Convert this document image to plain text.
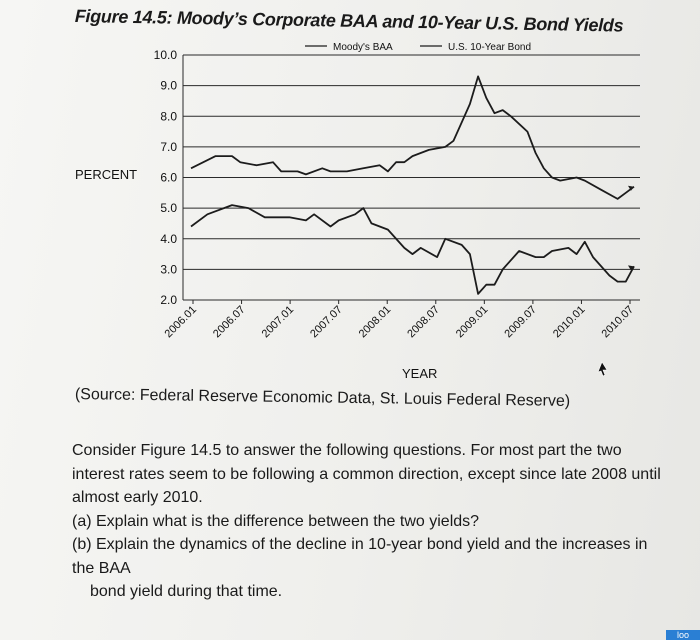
Figure 14.5: Moody’s Corporate BAA and 10-Year U.S. Bond Yields
10.0
9.0
8.0
7.0
6.0
5.0
4.0
3.0
2.0
2006.01 2006.07 2007.01 2007.07 2008.01 2008.07 2009.01 2009.07 2010.01 2010.07
Moody's BAA	U.S. 10-Year Bond
PERCENT
YEAR
(Source: Federal Reserve Economic Data, St. Louis Federal Reserve)

Consider Figure 14.5 to answer the following questions. For most part the two interest rates seem to be following a common direction, except since late 2008 until almost early 2010.

(a) Explain what is the difference between the two yields?

(b) Explain the dynamics of the decline in 10-year bond yield and the increases in the BAA

bond yield during that time.

loo
